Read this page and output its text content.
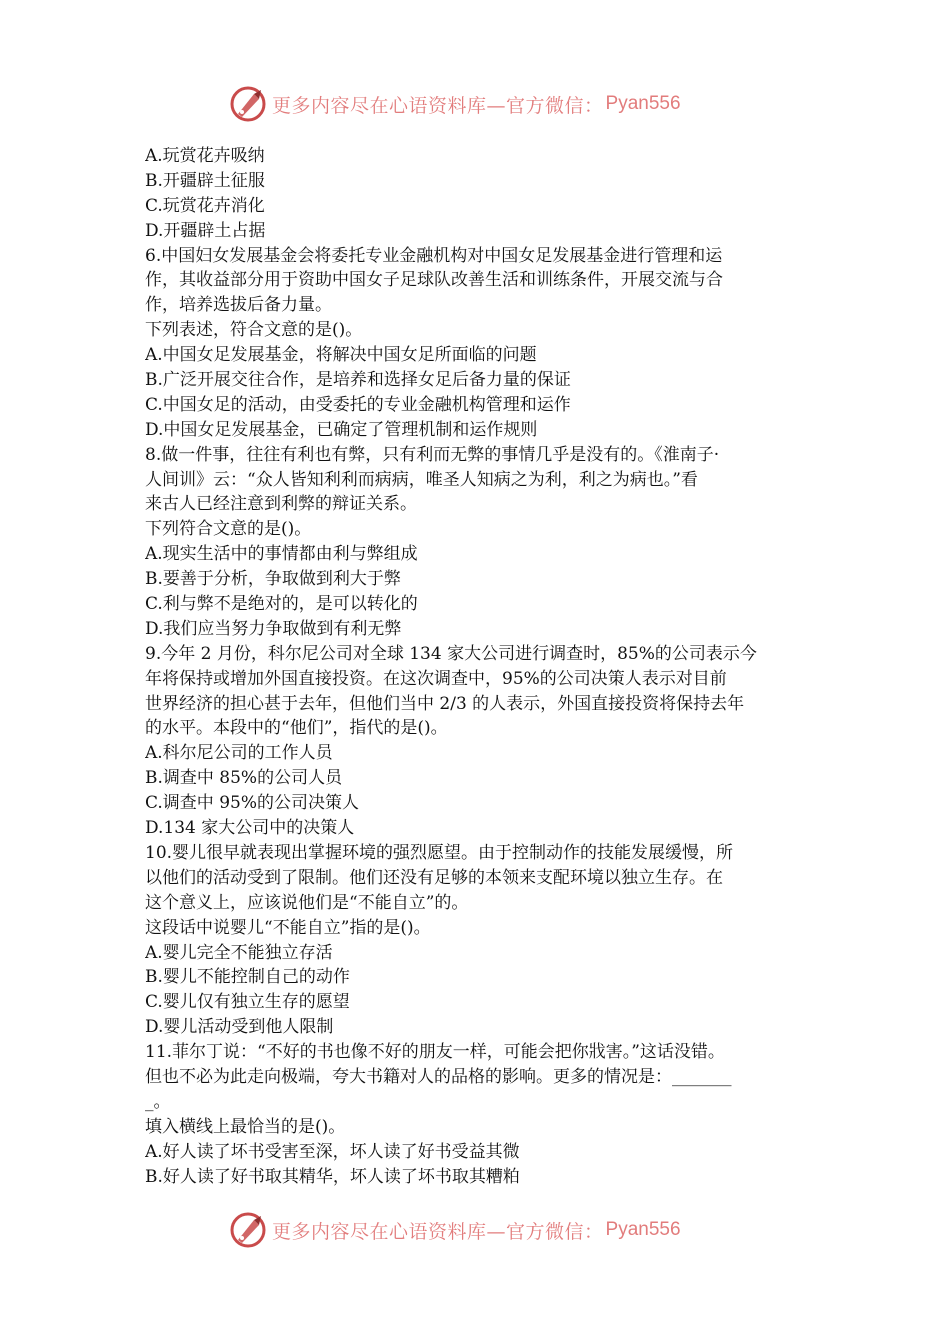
更多内容尽在心语资料库—官方微信： Pyan556
A.玩赏花卉吸纳
B.开疆辟土征服
C.玩赏花卉消化
D.开疆辟土占据
6.中国妇女发展基金会将委托专业金融机构对中国女足发展基金进行管理和运
作，其收益部分用于资助中国女子足球队改善生活和训练条件，开展交流与合
作，培养选拔后备力量。
下列表述，符合文意的是()。
A.中国女足发展基金，将解决中国女足所面临的问题
B.广泛开展交往合作，是培养和选择女足后备力量的保证
C.中国女足的活动，由受委托的专业金融机构管理和运作
D.中国女足发展基金，已确定了管理机制和运作规则
8.做一件事，往往有利也有弊，只有利而无弊的事情几乎是没有的。《淮南子·
人间训》云：“众人皆知利利而病病，唯圣人知病之为利，利之为病也。”看
来古人已经注意到利弊的辩证关系。
下列符合文意的是()。
A.现实生活中的事情都由利与弊组成
B.要善于分析，争取做到利大于弊
C.利与弊不是绝对的，是可以转化的
D.我们应当努力争取做到有利无弊
9.今年 2 月份，科尔尼公司对全球 134 家大公司进行调查时，85%的公司表示今
年将保持或增加外国直接投资。在这次调查中，95%的公司决策人表示对目前
世界经济的担心甚于去年，但他们当中 2/3 的人表示，外国直接投资将保持去年
的水平。本段中的“他们”，指代的是()。
A.科尔尼公司的工作人员
B.调查中 85%的公司人员
C.调查中 95%的公司决策人
D.134 家大公司中的决策人
10.婴儿很早就表现出掌握环境的强烈愿望。由于控制动作的技能发展缓慢，所
以他们的活动受到了限制。他们还没有足够的本领来支配环境以独立生存。在
这个意义上，应该说他们是“不能自立”的。
这段话中说婴儿“不能自立”指的是()。
A.婴儿完全不能独立存活
B.婴儿不能控制自己的动作
C.婴儿仅有独立生存的愿望
D.婴儿活动受到他人限制
11.菲尔丁说：“不好的书也像不好的朋友一样，可能会把你戕害。”这话没错。
但也不必为此走向极端，夸大书籍对人的品格的影响。更多的情况是：_______
_。
填入横线上最恰当的是()。
A.好人读了坏书受害至深，坏人读了好书受益其微
B.好人读了好书取其精华，坏人读了坏书取其糟粕
更多内容尽在心语资料库—官方微信： Pyan556
